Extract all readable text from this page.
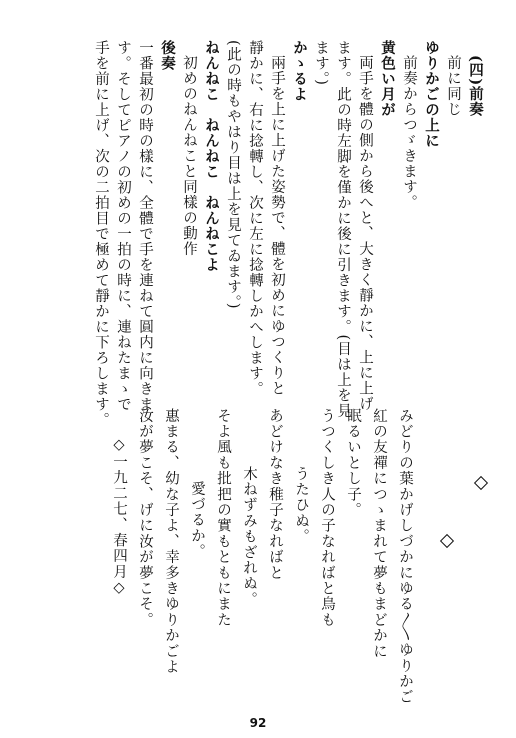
(四)前奏
前に同じ
ゆりかごの上に
前奏からつゞきます。
黄色い月が
両手を體の側から後へと、大きく靜かに、上に上げ
ます。此の時左脚を僅かに後に引きます。(目は上を見
ます。)
かゝるよ
兩手を上に上げた姿勢で、體を初めにゆつくりと
靜かに、右に捻轉し、次に左に捻轉しかへします。
(此の時もやはり目は上を見てゐます。)
ねんねこ　ねんねこ　ねんねこよ
初めのねんねこと同樣の動作
後奏
一番最初の時の樣に、全體で手を連ねて圓内に向きま
す。そしてピアノの初めの一拍の時に、連ねたまゝで
手を前に上げ、次の二拍目で極めて靜かに下ろします。
みどりの葉かげしづかにゆる〳〵ゆりかご
紅の友禪につゝまれて夢もまどかに
眠るいとし子。
うつくしき人の子なればと鳥も
うたひぬ。
あどけなき稚子なればと
木ねずみもざれぬ。
そよ風も批把の實もともにまた
愛づるか。
惠まる、幼な子よ、幸多きゆりかごよ
汝が夢こそ、げに汝が夢こそ。
◇一九二七、春四月◇
92
